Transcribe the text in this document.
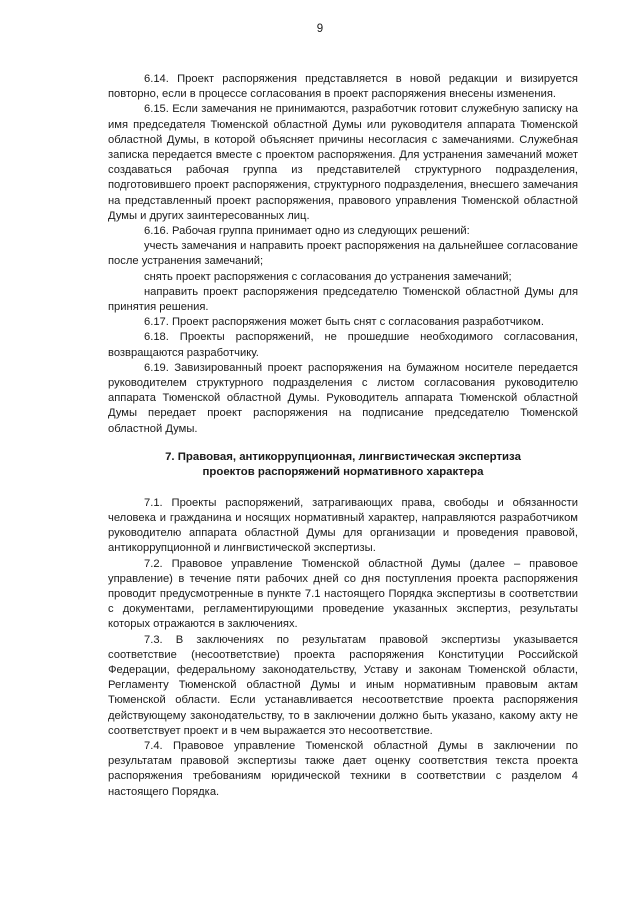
9

6.14. Проект распоряжения представляется в новой редакции и визируется повторно, если в процессе согласования в проект распоряжения внесены изменения.

6.15. Если замечания не принимаются, разработчик готовит служебную записку на имя председателя Тюменской областной Думы или руководителя аппарата Тюменской областной Думы, в которой объясняет причины несогласия с замечаниями. Служебная записка передается вместе с проектом распоряжения. Для устранения замечаний может создаваться рабочая группа из представителей структурного подразделения, подготовившего проект распоряжения, структурного подразделения, внесшего замечания на представленный проект распоряжения, правового управления Тюменской областной Думы и других заинтересованных лиц.

6.16. Рабочая группа принимает одно из следующих решений:

учесть замечания и направить проект распоряжения на дальнейшее согласование после устранения замечаний;

снять проект распоряжения с согласования до устранения замечаний;

направить проект распоряжения председателю Тюменской областной Думы для принятия решения.

6.17. Проект распоряжения может быть снят с согласования разработчиком.

6.18. Проекты распоряжений, не прошедшие необходимого согласования, возвращаются разработчику.

6.19. Завизированный проект распоряжения на бумажном носителе передается руководителем структурного подразделения с листом согласования руководителю аппарата Тюменской областной Думы. Руководитель аппарата Тюменской областной Думы передает проект распоряжения на подписание председателю Тюменской областной Думы.

7. Правовая, антикоррупционная, лингвистическая экспертиза
проектов распоряжений нормативного характера

7.1. Проекты распоряжений, затрагивающих права, свободы и обязанности человека и гражданина и носящих нормативный характер, направляются разработчиком руководителю аппарата областной Думы для организации и проведения правовой, антикоррупционной и лингвистической экспертизы.

7.2. Правовое управление Тюменской областной Думы (далее – правовое управление) в течение пяти рабочих дней со дня поступления проекта распоряжения проводит предусмотренные в пункте 7.1 настоящего Порядка экспертизы в соответствии с документами, регламентирующими проведение указанных экспертиз, результаты которых отражаются в заключениях.

7.3. В заключениях по результатам правовой экспертизы указывается соответствие (несоответствие) проекта распоряжения Конституции Российской Федерации, федеральному законодательству, Уставу и законам Тюменской области, Регламенту Тюменской областной Думы и иным нормативным правовым актам Тюменской области. Если устанавливается несоответствие проекта распоряжения действующему законодательству, то в заключении должно быть указано, какому акту не соответствует проект и в чем выражается это несоответствие.

7.4. Правовое управление Тюменской областной Думы в заключении по результатам правовой экспертизы также дает оценку соответствия текста проекта распоряжения требованиям юридической техники в соответствии с разделом 4 настоящего Порядка.
